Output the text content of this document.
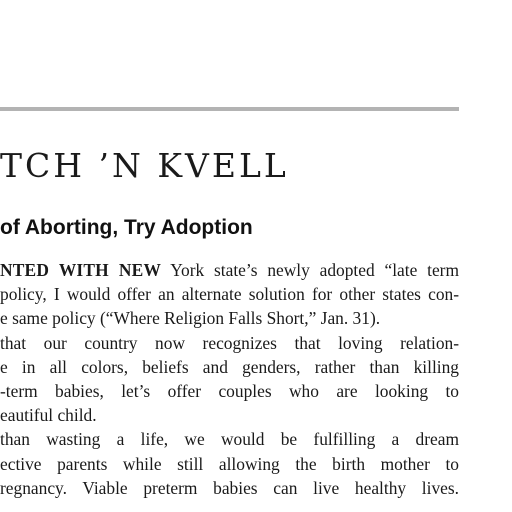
TCH ’N KVELL
of Aborting, Try Adoption
NTED WITH NEW York state’s newly adopted “late term
policy, I would offer an alternate solution for other states con-
e same policy (“Where Religion Falls Short,” Jan. 31).
that our country now recognizes that loving relation-
e in all colors, beliefs and genders, rather than killing
-term babies, let’s offer couples who are looking to
eautiful child.
than wasting a life, we would be fulfilling a dream
ective parents while still allowing the birth mother to
regnancy. Viable preterm babies can live healthy lives.
